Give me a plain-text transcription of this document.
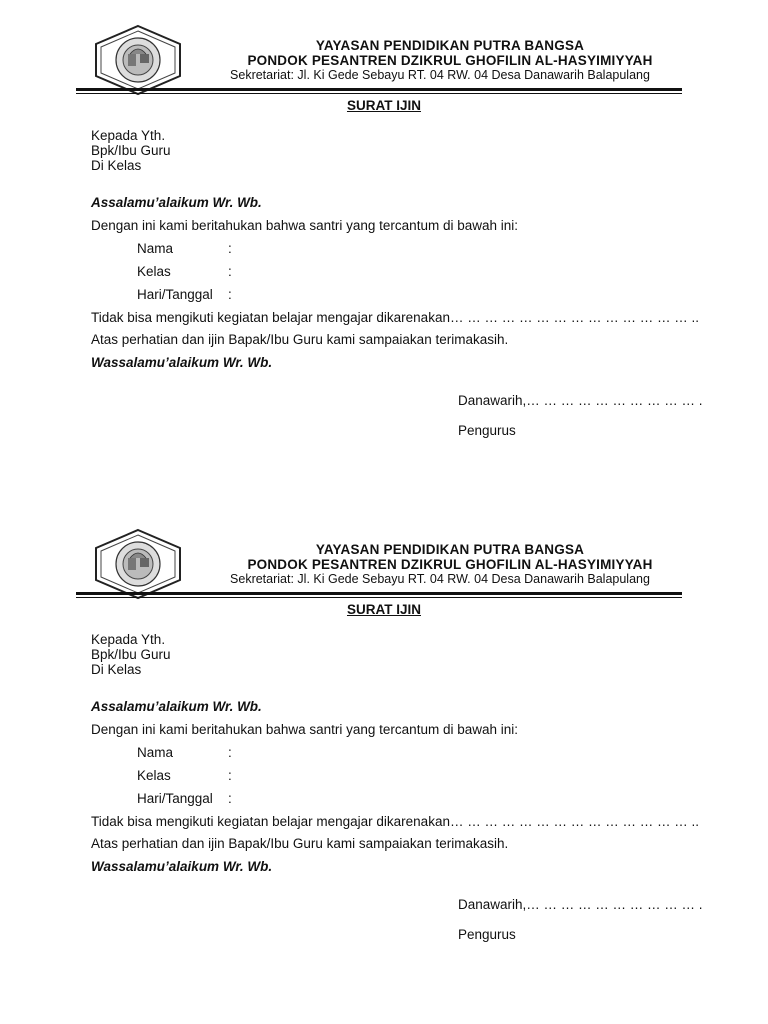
YAYASAN PENDIDIKAN PUTRA BANGSA
PONDOK PESANTREN DZIKRUL GHOFILIN AL-HASYIMIYYAH
Sekretariat: Jl. Ki Gede Sebayu RT. 04 RW. 04 Desa Danawarih Balapulang
SURAT IJIN
Kepada Yth.
Bpk/Ibu Guru
Di Kelas
Assalamu’alaikum Wr. Wb.
Dengan ini kami beritahukan bahwa santri yang tercantum di bawah ini:
Nama	:
Kelas	:
Hari/Tanggal :
Tidak bisa mengikuti kegiatan belajar mengajar dikarenakan… … … … … … … … … … … … … … ..
Atas perhatian dan ijin Bapak/Ibu Guru kami sampaiakan terimakasih.
Wassalamu’alaikum Wr. Wb.
Danawarih,… … … … … … … … … … .
Pengurus
YAYASAN PENDIDIKAN PUTRA BANGSA
PONDOK PESANTREN DZIKRUL GHOFILIN AL-HASYIMIYYAH
Sekretariat: Jl. Ki Gede Sebayu RT. 04 RW. 04 Desa Danawarih Balapulang
SURAT IJIN
Kepada Yth.
Bpk/Ibu Guru
Di Kelas
Assalamu’alaikum Wr. Wb.
Dengan ini kami beritahukan bahwa santri yang tercantum di bawah ini:
Nama	:
Kelas	:
Hari/Tanggal :
Tidak bisa mengikuti kegiatan belajar mengajar dikarenakan… … … … … … … … … … … … … … ..
Atas perhatian dan ijin Bapak/Ibu Guru kami sampaiakan terimakasih.
Wassalamu’alaikum Wr. Wb.
Danawarih,… … … … … … … … … … .
Pengurus
